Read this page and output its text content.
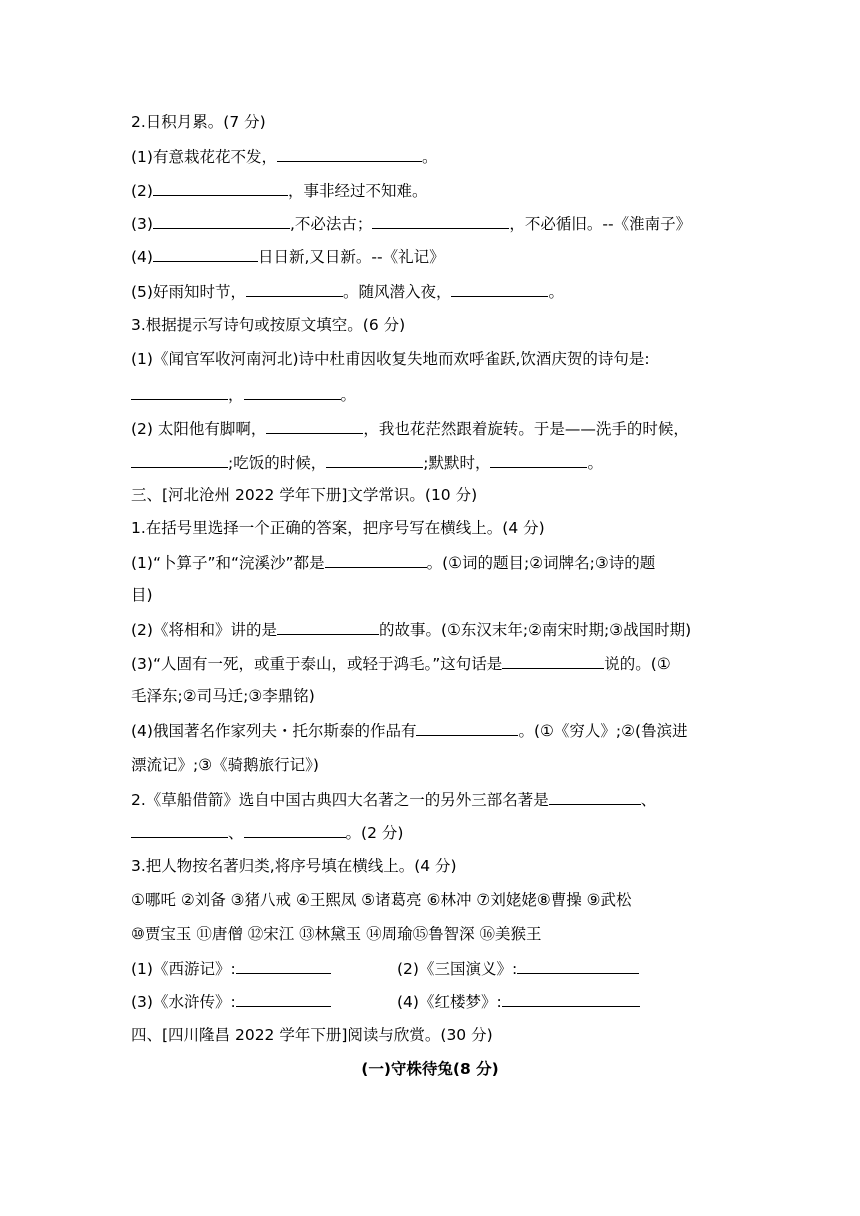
2.日积月累。(7 分)
(1)有意栽花花不发，	。
(2)	，事非经过不知难。
(3)	,不必法古；	，不必循旧。--《淮南子》
(4)	日日新,又日新。--《礼记》
(5)好雨知时节，	。随风潜入夜，	。
3.根据提示写诗句或按原文填空。(6 分)
(1)《闻官军收河南河北)诗中杜甫因收复失地而欢呼雀跃,饮酒庆贺的诗句是:
，	。
(2) 太阳他有脚啊，	，我也花茫然跟着旋转。于是——洗手的时候，
;吃饭的时候，	;默默时，	。
三、[河北沧州 2022 学年下册]文学常识。(10 分)
1.在括号里选择一个正确的答案，把序号写在横线上。(4 分)
(1)“卜算子”和“浣溪沙”都是	。(①词的题目;②词牌名;③诗的题
目)
(2)《将相和》讲的是	的故事。(①东汉末年;②南宋时期;③战国时期)
(3)“人固有一死，或重于泰山，或轻于鸿毛。”这句话是	说的。(①
毛泽东;②司马迁;③李鼎铭)
(4)俄国著名作家列夫・托尔斯泰的作品有	。(①《穷人》;②(鲁滨进
漂流记》;③《骑鹅旅行记》)
2.《草船借箭》选自中国古典四大名著之一的另外三部名著是	、
、	。(2 分)
3.把人物按名著归类,将序号填在横线上。(4 分)
①哪吒 ②刘备 ③猪八戒 ④王熙凤 ⑤诸葛亮 ⑥林冲 ⑦刘姥姥⑧曹操 ⑨武松
⑩贾宝玉 ⑪唐僧 ⑫宋江 ⑬林黛玉 ⑭周瑜⑮鲁智深 ⑯美猴王
(1)《西游记》:	(2)《三国演义》:
(3)《水浒传》:	(4)《红楼梦》:
四、[四川隆昌 2022 学年下册]阅读与欣赏。(30 分)
(一)守株待兔(8 分)
